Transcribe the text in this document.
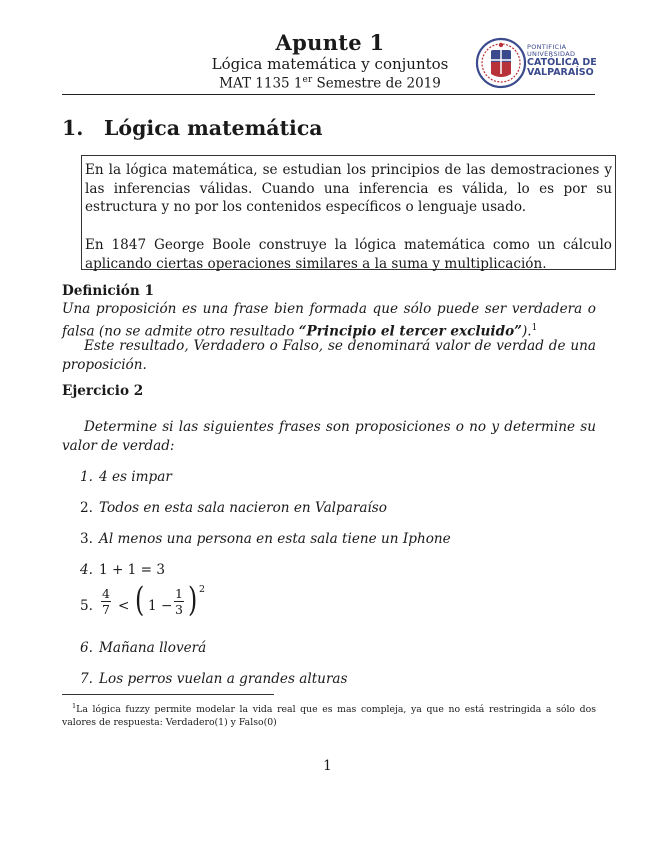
Apunte 1
Lógica matemática y conjuntos
MAT 1135 1er Semestre de 2019
PONTIFICIA
UNIVERSIDAD
CATÓLICA DE
VALPARAÍSO
1. Lógica matemática

En la lógica matemática, se estudian los principios de las demostraciones y las inferencias válidas. Cuando una inferencia es válida, lo es por su estructura y no por los contenidos específicos o lenguaje usado.

En 1847 George Boole construye la lógica matemática como un cálculo aplicando ciertas operaciones similares a la suma y multiplicación.

Definición 1
Una proposición es una frase bien formada que sólo puede ser verdadera o falsa (no se admite otro resultado “Principio el tercer excluido”).$^1$
Este resultado, Verdadero o Falso, se denominará valor de verdad de una proposición.
Ejercicio 2
Determine si las siguientes frases son proposiciones o no y determine su valor de verdad:
1. 4 es impar
2. Todos en esta sala nacieron en Valparaíso
3. Al menos una persona en esta sala tiene un Iphone
4. 1 + 1 = 3
5.
4
7 < ( 1 −
1
3 ) 2
6. Mañana lloverá
7. Los perros vuelan a grandes alturas
$^1$La lógica fuzzy permite modelar la vida real que es mas compleja, ya que no está restringida a sólo dos valores de respuesta: Verdadero(1) y Falso(0)
1
